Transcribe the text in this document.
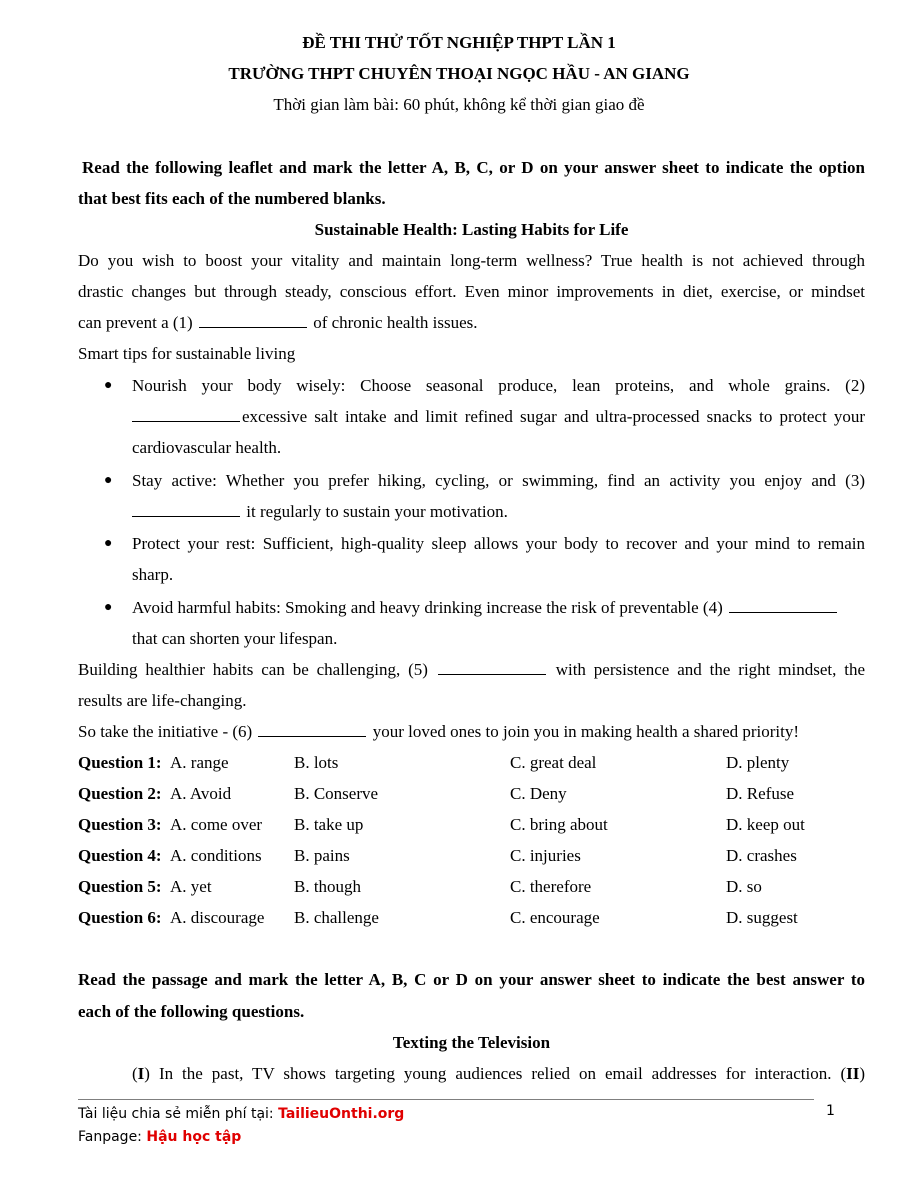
ĐỀ THI THỬ TỐT NGHIỆP THPT LẦN 1
TRƯỜNG THPT CHUYÊN THOẠI NGỌC HẦU - AN GIANG
Thời gian làm bài: 60 phút, không kể thời gian giao đề
Read the following leaflet and mark the letter A, B, C, or D on your answer sheet to indicate the option
that best fits each of the numbered blanks.
Sustainable Health: Lasting Habits for Life
Do you wish to boost your vitality and maintain long-term wellness? True health is not achieved through
drastic changes but through steady, conscious effort. Even minor improvements in diet, exercise, or mindset
can prevent a (1)	of chronic health issues.
Smart tips for sustainable living
● Nourish your body wisely: Choose seasonal produce, lean proteins, and whole grains. (2)
excessive salt intake and limit refined sugar and ultra-processed snacks to protect your
cardiovascular health.
● Stay active: Whether you prefer hiking, cycling, or swimming, find an activity you enjoy and (3)
it regularly to sustain your motivation.
● Protect your rest: Sufficient, high-quality sleep allows your body to recover and your mind to remain
sharp.
● Avoid harmful habits: Smoking and heavy drinking increase the risk of preventable (4)
that can shorten your lifespan.
Building healthier habits can be challenging, (5)	with persistence and the right mindset, the
results are life-changing.
So take the initiative - (6)	your loved ones to join you in making health a shared priority!
Question 1: A. range	B. lots	C. great deal	D. plenty
Question 2: A. Avoid	B. Conserve	C. Deny	D. Refuse
Question 3: A. come over B. take up	C. bring about	D. keep out
Question 4: A. conditions B. pains	C. injuries	D. crashes
Question 5: A. yet	B. though	C. therefore	D. so
Question 6: A. discourage B. challenge	C. encourage	D. suggest
Read the passage and mark the letter A, B, C or D on your answer sheet to indicate the best answer to
each of the following questions.
Texting the Television
(I) In the past, TV shows targeting young audiences relied on email addresses for interaction. (II)
Tài liệu chia sẻ miễn phí tại: TailieuOnthi.org
Fanpage: Hậu học tập
1
